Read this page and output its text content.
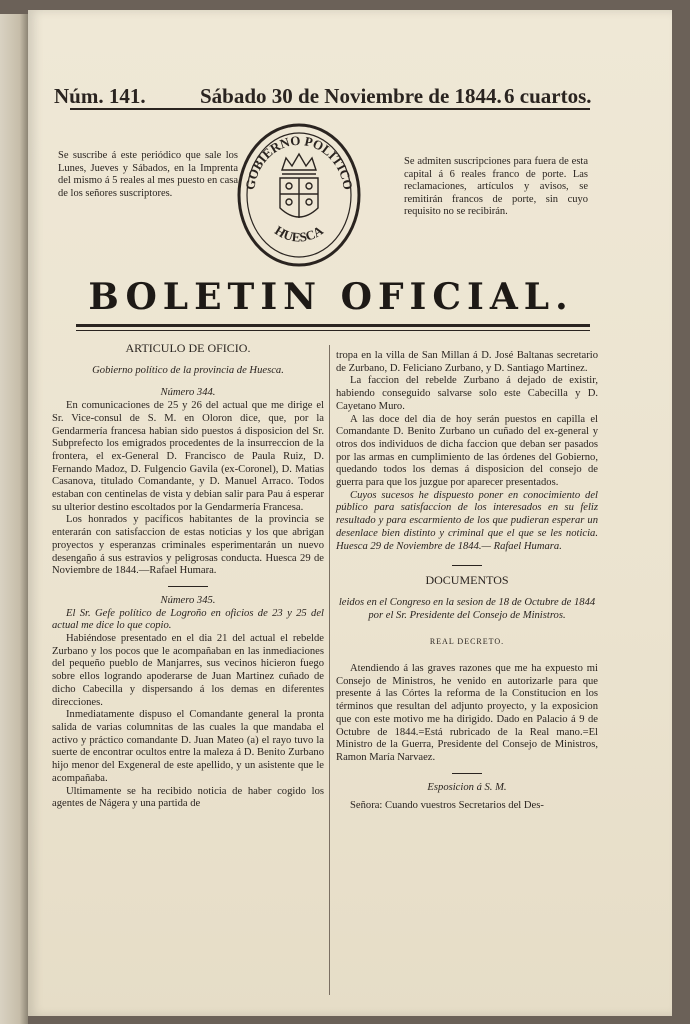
Núm. 141.	Sábado 30 de Noviembre de 1844. 6 cuartos.
Se suscribe á este periódico que sale los Lunes, Jueves y Sábados, en la Imprenta del mismo á 5 reales al mes puesto en casa de los señores suscriptores.
GOBIERNO POLITICO
HUESCA
Se admiten suscripciones para fuera de esta capital á 6 reales franco de porte. Las reclamaciones, artículos y avisos, se remitirán francos de porte, sin cuyo requisito no se recibirán.
BOLETIN OFICIAL.

ARTICULO DE OFICIO.

Gobierno político de la provincia de Huesca.

Número 344.

En comunicaciones de 25 y 26 del actual que me dirige el Sr. Vice-consul de S. M. en Oloron dice, que, por la Gendarmería francesa habian sido puestos á disposicion del Sr. Subprefecto los emigrados procedentes de la insurreccion de la frontera, el ex-General D. Francisco de Paula Ruiz, D. Fernando Madoz, D. Fulgencio Gavila (ex-Coronel), D. Matias Casanova, titulado Comandante, y D. Manuel Arraco. Todos estaban con centinelas de vista y debian salir para Pau á esperar su ulterior destino escoltados por la Gendarmería Francesa.

Los honrados y pacíficos habitantes de la provincia se enterarán con satisfaccion de estas noticias y los que abrigan proyectos y esperanzas criminales esperimentarán un nuevo desengaño á sus estravios y peligrosas conducta. Huesca 29 de Noviembre de 1844.—Rafael Humara.

Número 345.

El Sr. Gefe político de Logroño en oficios de 23 y 25 del actual me dice lo que copio.

Habiéndose presentado en el dia 21 del actual el rebelde Zurbano y los pocos que le acompañaban en las inmediaciones del pequeño pueblo de Manjarres, sus vecinos hicieron fuego sobre ellos logrando apoderarse de Juan Martinez cuñado de dicho Cabecilla y dispersando á los demas en diferentes direcciones.

Inmediatamente dispuso el Comandante general la pronta salida de varias columnitas de las cuales la que mandaba el activo y práctico comandante D. Juan Mateo (a) el rayo tuvo la suerte de encontrar ocultos entre la maleza á D. Benito Zurbano hijo menor del Exgeneral de este apellido, y un asistente que le acompañaba.

Ultimamente se ha recibido noticia de haber cogido los agentes de Nágera y una partida de

tropa en la villa de San Millan á D. José Baltanas secretario de Zurbano, D. Feliciano Zurbano, y D. Santiago Martinez.

La faccion del rebelde Zurbano á dejado de existir, habiendo conseguido salvarse solo este Cabecilla y D. Cayetano Muro.

A las doce del dia de hoy serán puestos en capilla el Comandante D. Benito Zurbano un cuñado del ex-general y otros dos individuos de dicha faccion que deban ser pasados por las armas en cumplimiento de las órdenes del Gobierno, quedando todos los demas á disposicion del consejo de guerra para que los juzgue por aparecer presentados.

Cuyos sucesos he dispuesto poner en conocimiento del público para satisfaccion de los interesados en su feliz resultado y para escarmiento de los que pudieran esperar un desenlace bien distinto y criminal que el que se les noticia. Huesca 29 de Noviembre de 1844.— Rafael Humara.

DOCUMENTOS

leidos en el Congreso en la sesion de 18 de Octubre de 1844 por el Sr. Presidente del Consejo de Ministros.

REAL DECRETO.

Atendiendo á las graves razones que me ha expuesto mi Consejo de Ministros, he venido en autorizarle para que presente á las Córtes la reforma de la Constitucion en los términos que resultan del adjunto proyecto, y la exposicion que con este motivo me ha dirigido. Dado en Palacio á 9 de Octubre de 1844.=Está rubricado de la Real mano.=El Ministro de la Guerra, Presidente del Consejo de Ministros, Ramon María Narvaez.

Esposicion á S. M.

Señora: Cuando vuestros Secretarios del Des-
